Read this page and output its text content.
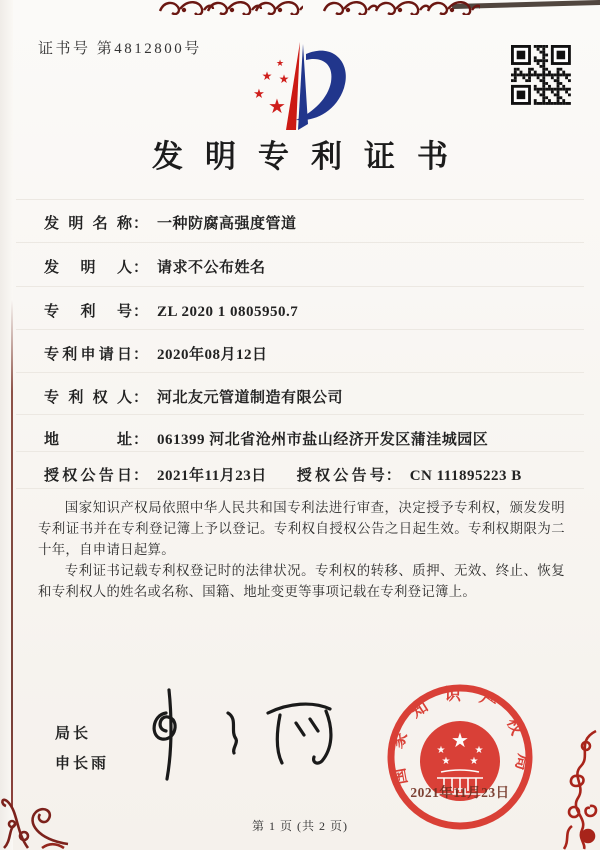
证书号 第4812800号
★
★ ★
★ ★
发明专利证书
发明名称： 一种防腐高强度管道
发明人： 请求不公布姓名
专利号： ZL 2020 1 0805950.7
专利申请日： 2020年08月12日
专利权人： 河北友元管道制造有限公司
地址： 061399 河北省沧州市盐山经济开发区蒲洼城园区
授权公告日： 2021年11月23日 授权公告号： CN 111895223 B

国家知识产权局依照中华人民共和国专利法进行审查，决定授予专利权，颁发发明专利证书并在专利登记簿上予以登记。专利权自授权公告之日起生效。专利权期限为二十年，自申请日起算。

专利证书记载专利权登记时的法律状况。专利权的转移、质押、无效、终止、恢复和专利权人的姓名或名称、国籍、地址变更等事项记载在专利登记簿上。

局长
申长雨	国家知识产权局
★
★	★
★ ★
2021年11月23日
第 1 页 (共 2 页)
